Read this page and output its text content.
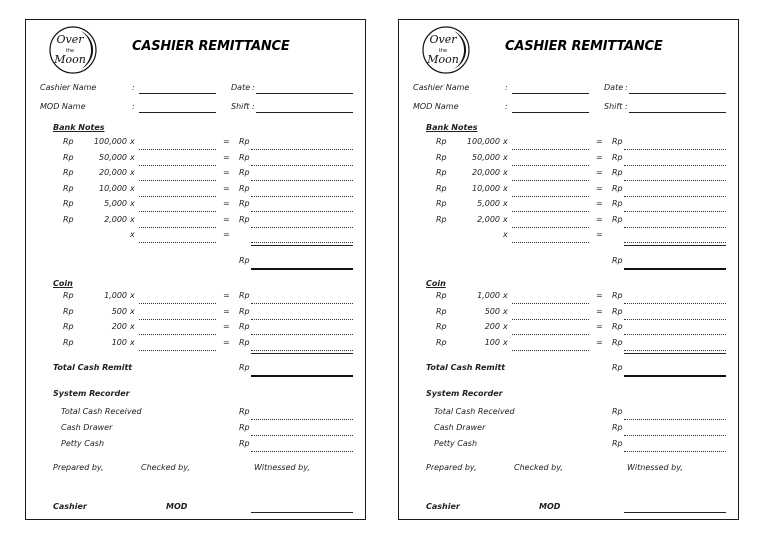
Over
the
Moon
CASHIER REMITTANCE
Cashier Name	:	Date :
MOD Name	:	Shift :
Bank Notes
Rp	100,000 x	= Rp
Rp	50,000 x	= Rp
Rp	20,000 x	= Rp
Rp	10,000 x	= Rp
Rp	5,000 x	= Rp
Rp	2,000 x	= Rp
x	=
Rp
Coin
Rp	1,000 x	= Rp
Rp	500 x	= Rp
Rp	200 x	= Rp
Rp	100 x	= Rp
Total Cash Remitt	Rp
System Recorder
Total Cash Received	Rp
Cash Drawer	Rp
Petty Cash	Rp
Prepared by,	Checked by,	Witnessed by,
Cashier	MOD
Over
the
Moon
CASHIER REMITTANCE
Cashier Name	:	Date :
MOD Name	:	Shift :
Bank Notes
Rp	100,000 x	= Rp
Rp	50,000 x	= Rp
Rp	20,000 x	= Rp
Rp	10,000 x	= Rp
Rp	5,000 x	= Rp
Rp	2,000 x	= Rp
x	=
Rp
Coin
Rp	1,000 x	= Rp
Rp	500 x	= Rp
Rp	200 x	= Rp
Rp	100 x	= Rp
Total Cash Remitt	Rp
System Recorder
Total Cash Received	Rp
Cash Drawer	Rp
Petty Cash	Rp
Prepared by,	Checked by,	Witnessed by,
Cashier	MOD
